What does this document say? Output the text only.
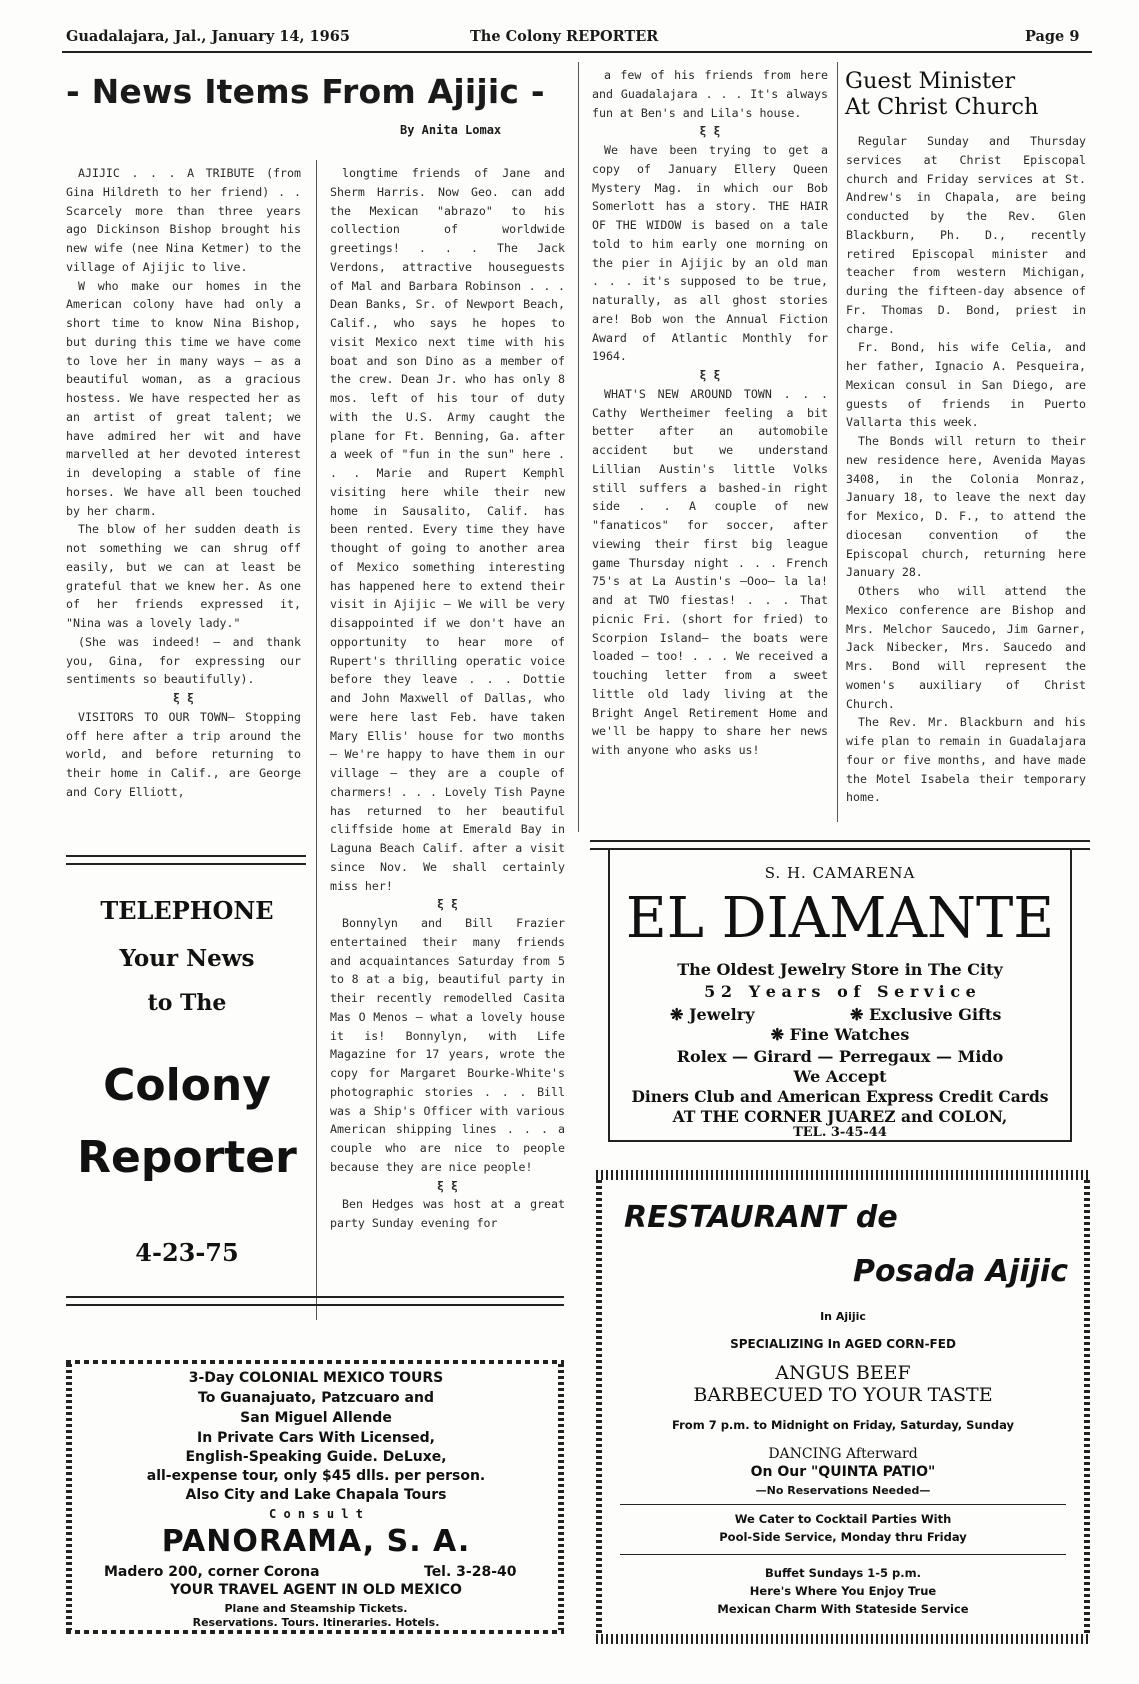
Guadalajara, Jal., January 14, 1965	The Colony REPORTER	Page 9
- News Items From Ajijic -
By Anita Lomax

AJIJIC . . . A TRIBUTE (from Gina Hildreth to her friend) . . Scarcely more than three years ago Dickinson Bishop brought his new wife (nee Nina Ketmer) to the village of Ajijic to live.

W who make our homes in the American colony have had only a short time to know Nina Bishop, but during this time we have come to love her in many ways — as a beautiful woman, as a gracious hostess. We have respected her as an artist of great talent; we have admired her wit and have marvelled at her devoted interest in developing a stable of fine horses. We have all been touched by her charm.

The blow of her sudden death is not something we can shrug off easily, but we can at least be grateful that we knew her. As one of her friends expressed it, "Nina was a lovely lady."

(She was indeed! — and thank you, Gina, for expressing our sentiments so beautifully).

ξ ξ

VISITORS TO OUR TOWN— Stopping off here after a trip around the world, and before returning to their home in Calif., are George and Cory Elliott,

longtime friends of Jane and Sherm Harris. Now Geo. can add the Mexican "abrazo" to his collection of worldwide greetings! . . . The Jack Verdons, attractive houseguests of Mal and Barbara Robinson . . . Dean Banks, Sr. of Newport Beach, Calif., who says he hopes to visit Mexico next time with his boat and son Dino as a member of the crew. Dean Jr. who has only 8 mos. left of his tour of duty with the U.S. Army caught the plane for Ft. Benning, Ga. after a week of "fun in the sun" here . . . Marie and Rupert Kemphl visiting here while their new home in Sausalito, Calif. has been rented. Every time they have thought of going to another area of Mexico something interesting has happened here to extend their visit in Ajijic — We will be very disappointed if we don't have an opportunity to hear more of Rupert's thrilling operatic voice before they leave . . . Dottie and John Maxwell of Dallas, who were here last Feb. have taken Mary Ellis' house for two months — We're happy to have them in our village — they are a couple of charmers! . . . Lovely Tish Payne has returned to her beautiful cliffside home at Emerald Bay in Laguna Beach Calif. after a visit since Nov. We shall certainly miss her!

ξ ξ

Bonnylyn and Bill Frazier entertained their many friends and acquaintances Saturday from 5 to 8 at a big, beautiful party in their recently remodelled Casita Mas O Menos — what a lovely house it is! Bonnylyn, with Life Magazine for 17 years, wrote the copy for Margaret Bourke-White's photographic stories . . . Bill was a Ship's Officer with various American shipping lines . . . a couple who are nice to people because they are nice people!

ξ ξ

Ben Hedges was host at a great party Sunday evening for

a few of his friends from here and Guadalajara . . . It's always fun at Ben's and Lila's house.

ξ ξ

We have been trying to get a copy of January Ellery Queen Mystery Mag. in which our Bob Somerlott has a story. THE HAIR OF THE WIDOW is based on a tale told to him early one morning on the pier in Ajijic by an old man . . . it's supposed to be true, naturally, as all ghost stories are! Bob won the Annual Fiction Award of Atlantic Monthly for 1964.

ξ ξ

WHAT'S NEW AROUND TOWN . . . Cathy Wertheimer feeling a bit better after an automobile accident but we understand Lillian Austin's little Volks still suffers a bashed-in right side . . A couple of new "fanaticos" for soccer, after viewing their first big league game Thursday night . . . French 75's at La Austin's —Ooo— la la! and at TWO fiestas! . . . That picnic Fri. (short for fried) to Scorpion Island— the boats were loaded — too! . . . We received a touching letter from a sweet little old lady living at the Bright Angel Retirement Home and we'll be happy to share her news with anyone who asks us!

Guest Minister
At Christ Church

Regular Sunday and Thursday services at Christ Episcopal church and Friday services at St. Andrew's in Chapala, are being conducted by the Rev. Glen Blackburn, Ph. D., recently retired Episcopal minister and teacher from western Michigan, during the fifteen-day absence of Fr. Thomas D. Bond, priest in charge.

Fr. Bond, his wife Celia, and her father, Ignacio A. Pesqueira, Mexican consul in San Diego, are guests of friends in Puerto Vallarta this week.

The Bonds will return to their new residence here, Avenida Mayas 3408, in the Colonia Monraz, January 18, to leave the next day for Mexico, D. F., to attend the diocesan convention of the Episcopal church, returning here January 28.

Others who will attend the Mexico conference are Bishop and Mrs. Melchor Saucedo, Jim Garner, Jack Nibecker, Mrs. Saucedo and Mrs. Bond will represent the women's auxiliary of Christ Church.

The Rev. Mr. Blackburn and his wife plan to remain in Guadalajara four or five months, and have made the Motel Isabela their temporary home.

TELEPHONE
Your News
to The
Colony
Reporter
4-23-75
S. H. CAMARENA
EL DIAMANTE
The Oldest Jewelry Store in The City
5 2   Y e a r s   o f   S e r v i c e
❋ Jewelry	❋ Exclusive Gifts
❋ Fine Watches
Rolex — Girard — Perregaux — Mido
We Accept
Diners Club and American Express Credit Cards
AT THE CORNER JUAREZ and COLON,
TEL. 3-45-44
3-Day COLONIAL MEXICO TOURS
To Guanajuato, Patzcuaro and
San Miguel Allende
In Private Cars With Licensed,
English-Speaking Guide. DeLuxe,
all-expense tour, only $45 dlls. per person.
Also City and Lake Chapala Tours
C o n s u l t
PANORAMA, S. A.
Madero 200, corner Corona	Tel. 3-28-40
YOUR TRAVEL AGENT IN OLD MEXICO
Plane and Steamship Tickets.
Reservations. Tours. Itineraries. Hotels.
RESTAURANT de
Posada Ajijic
In Ajijic
SPECIALIZING In AGED CORN-FED
ANGUS BEEF
BARBECUED TO YOUR TASTE
From 7 p.m. to Midnight on Friday, Saturday, Sunday
DANCING Afterward
On Our "QUINTA PATIO"
—No Reservations Needed—
We Cater to Cocktail Parties With
Pool-Side Service, Monday thru Friday
Buffet Sundays 1-5 p.m.
Here's Where You Enjoy True
Mexican Charm With Stateside Service
